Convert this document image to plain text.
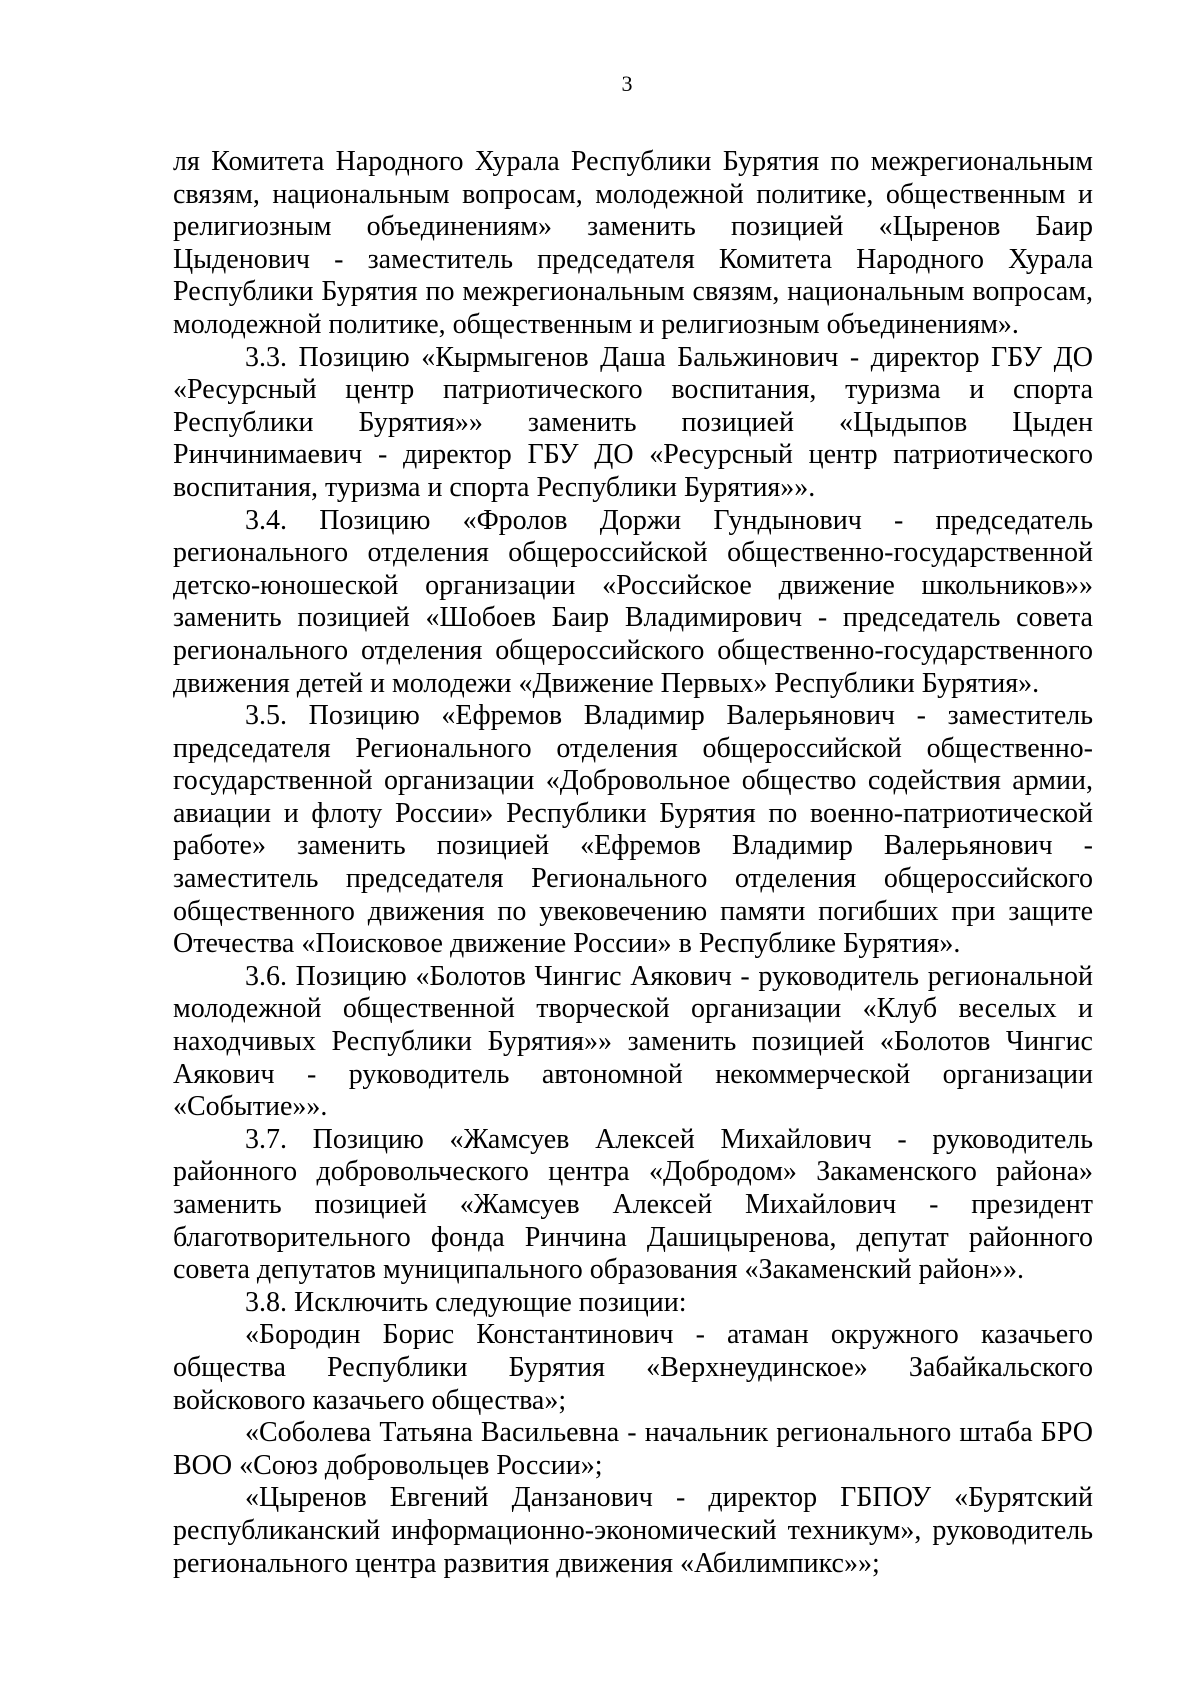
3

ля Комитета Народного Хурала Республики Бурятия по межрегиональным связям, национальным вопросам, молодежной политике, общественным и религиозным объединениям» заменить позицией «Цыренов Баир Цыденович - заместитель председателя Комитета Народного Хурала Республики Бурятия по межрегиональным связям, национальным вопросам, молодежной политике, общественным и религиозным объединениям».

3.3. Позицию «Кырмыгенов Даша Бальжинович - директор ГБУ ДО «Ресурсный центр патриотического воспитания, туризма и спорта Республики Бурятия»» заменить позицией «Цыдыпов Цыден Ринчинимаевич - директор ГБУ ДО «Ресурсный центр патриотического воспитания, туризма и спорта Республики Бурятия»».

3.4. Позицию «Фролов Доржи Гундынович - председатель регионального отделения общероссийской общественно-государственной детско-юношеской организации «Российское движение школьников»» заменить позицией «Шобоев Баир Владимирович - председатель совета регионального отделения общероссийского общественно-государственного движения детей и молодежи «Движение Первых» Республики Бурятия».

3.5. Позицию «Ефремов Владимир Валерьянович - заместитель председателя Регионального отделения общероссийской общественно-государственной организации «Добровольное общество содействия армии, авиации и флоту России» Республики Бурятия по военно-патриотической работе» заменить позицией «Ефремов Владимир Валерьянович - заместитель председателя Регионального отделения общероссийского общественного движения по увековечению памяти погибших при защите Отечества «Поисковое движение России» в Республике Бурятия».

3.6. Позицию «Болотов Чингис Аякович - руководитель региональной молодежной общественной творческой организации «Клуб веселых и находчивых Республики Бурятия»» заменить позицией «Болотов Чингис Аякович - руководитель автономной некоммерческой организации «Событие»».

3.7. Позицию «Жамсуев Алексей Михайлович - руководитель районного добровольческого центра «Добродом» Закаменского района» заменить позицией «Жамсуев Алексей Михайлович - президент благотворительного фонда Ринчина Дашицыренова, депутат районного совета депутатов муниципального образования «Закаменский район»».

3.8. Исключить следующие позиции:

«Бородин Борис Константинович - атаман окружного казачьего общества Республики Бурятия «Верхнеудинское» Забайкальского войскового казачьего общества»;

«Соболева Татьяна Васильевна - начальник регионального штаба БРО ВОО «Союз добровольцев России»;

«Цыренов Евгений Данзанович - директор ГБПОУ «Бурятский республиканский информационно-экономический техникум», руководитель регионального центра развития движения «Абилимпикс»»;
